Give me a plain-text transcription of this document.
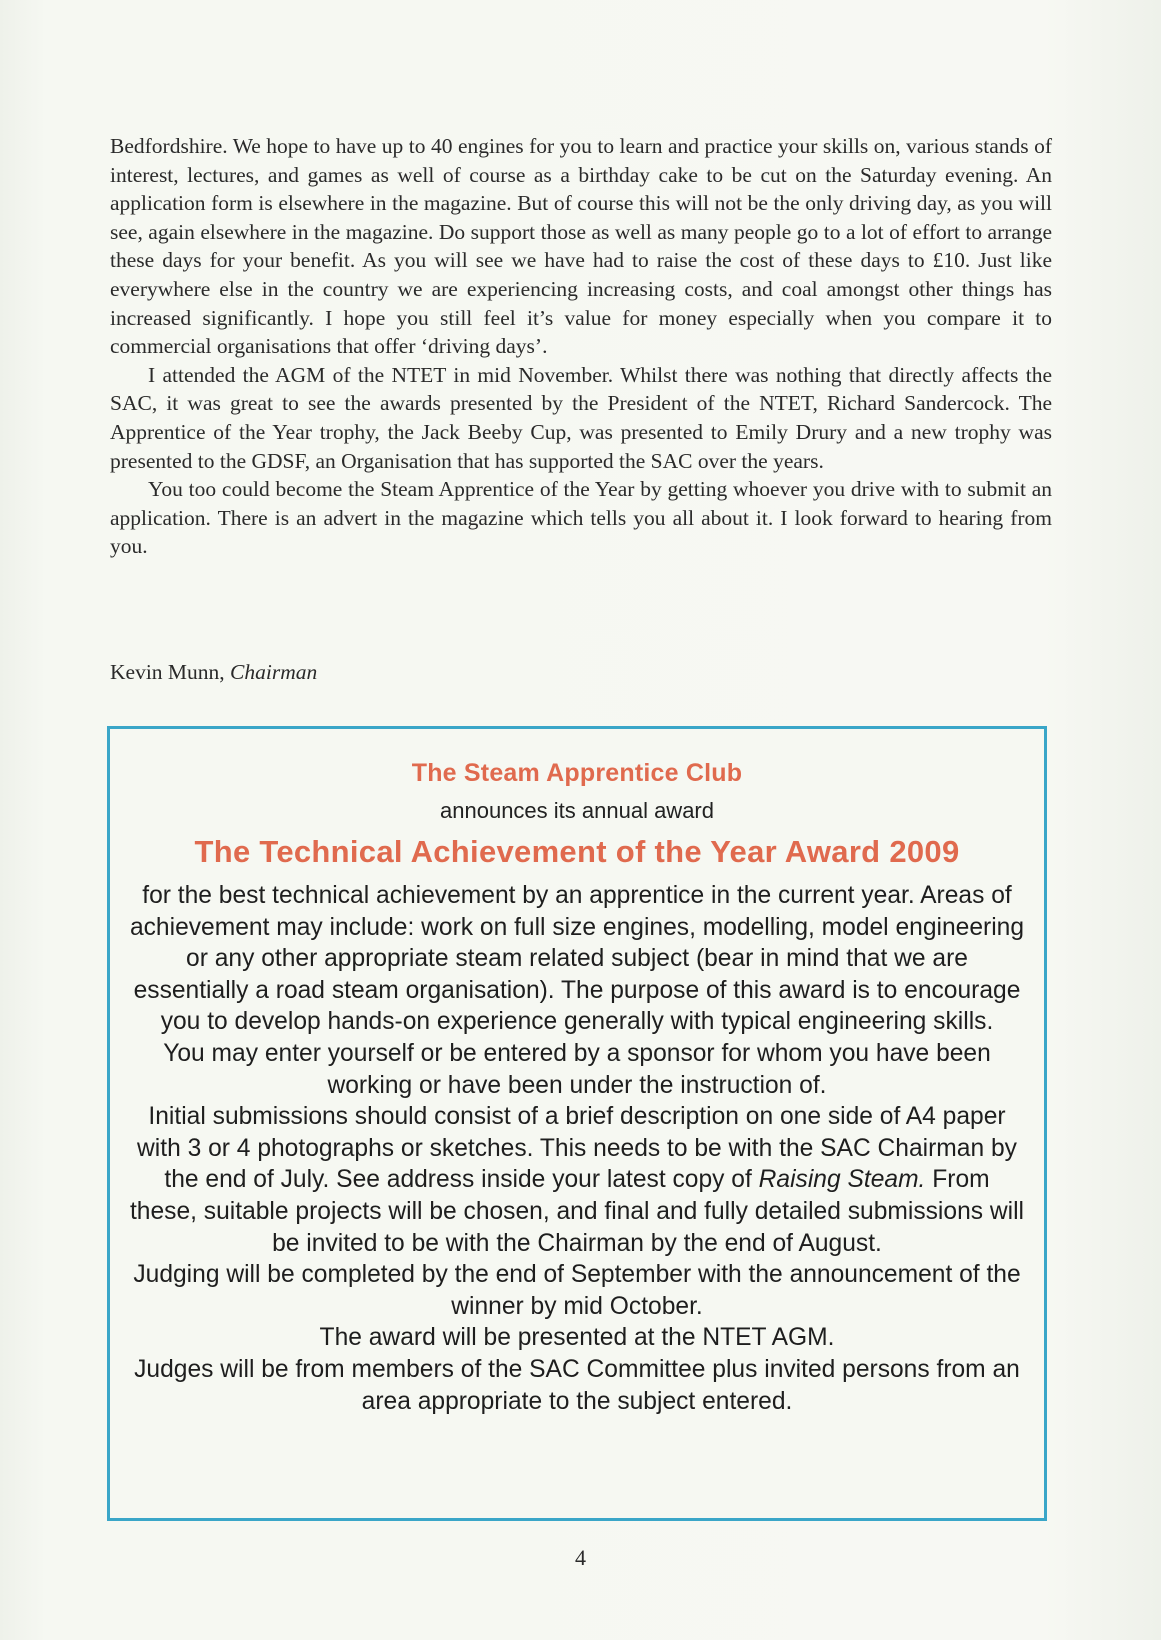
Bedfordshire. We hope to have up to 40 engines for you to learn and practice your skills on, various stands of interest, lectures, and games as well of course as a birthday cake to be cut on the Saturday evening. An application form is elsewhere in the magazine. But of course this will not be the only driving day, as you will see, again elsewhere in the magazine. Do support those as well as many people go to a lot of effort to arrange these days for your benefit. As you will see we have had to raise the cost of these days to £10. Just like everywhere else in the country we are experiencing increasing costs, and coal amongst other things has increased significantly. I hope you still feel it’s value for money especially when you compare it to commercial organisations that offer ‘driving days’.

I attended the AGM of the NTET in mid November. Whilst there was nothing that directly affects the SAC, it was great to see the awards presented by the President of the NTET, Richard Sandercock. The Apprentice of the Year trophy, the Jack Beeby Cup, was presented to Emily Drury and a new trophy was presented to the GDSF, an Organisation that has supported the SAC over the years.

You too could become the Steam Apprentice of the Year by getting whoever you drive with to submit an application. There is an advert in the magazine which tells you all about it. I look forward to hearing from you.

Kevin Munn, Chairman
The Steam Apprentice Club
announces its annual award
The Technical Achievement of the Year Award 2009
for the best technical achievement by an apprentice in the current year. Areas of achievement may include: work on full size engines, modelling, model engineering or any other appropriate steam related subject (bear in mind that we are essentially a road steam organisation). The purpose of this award is to encourage you to develop hands-on experience generally with typical engineering skills.
You may enter yourself or be entered by a sponsor for whom you have been working or have been under the instruction of.
Initial submissions should consist of a brief description on one side of A4 paper with 3 or 4 photographs or sketches. This needs to be with the SAC Chairman by the end of July. See address inside your latest copy of Raising Steam. From these, suitable projects will be chosen, and final and fully detailed submissions will be invited to be with the Chairman by the end of August.
Judging will be completed by the end of September with the announcement of the winner by mid October.
The award will be presented at the NTET AGM.
Judges will be from members of the SAC Committee plus invited persons from an area appropriate to the subject entered.
4
